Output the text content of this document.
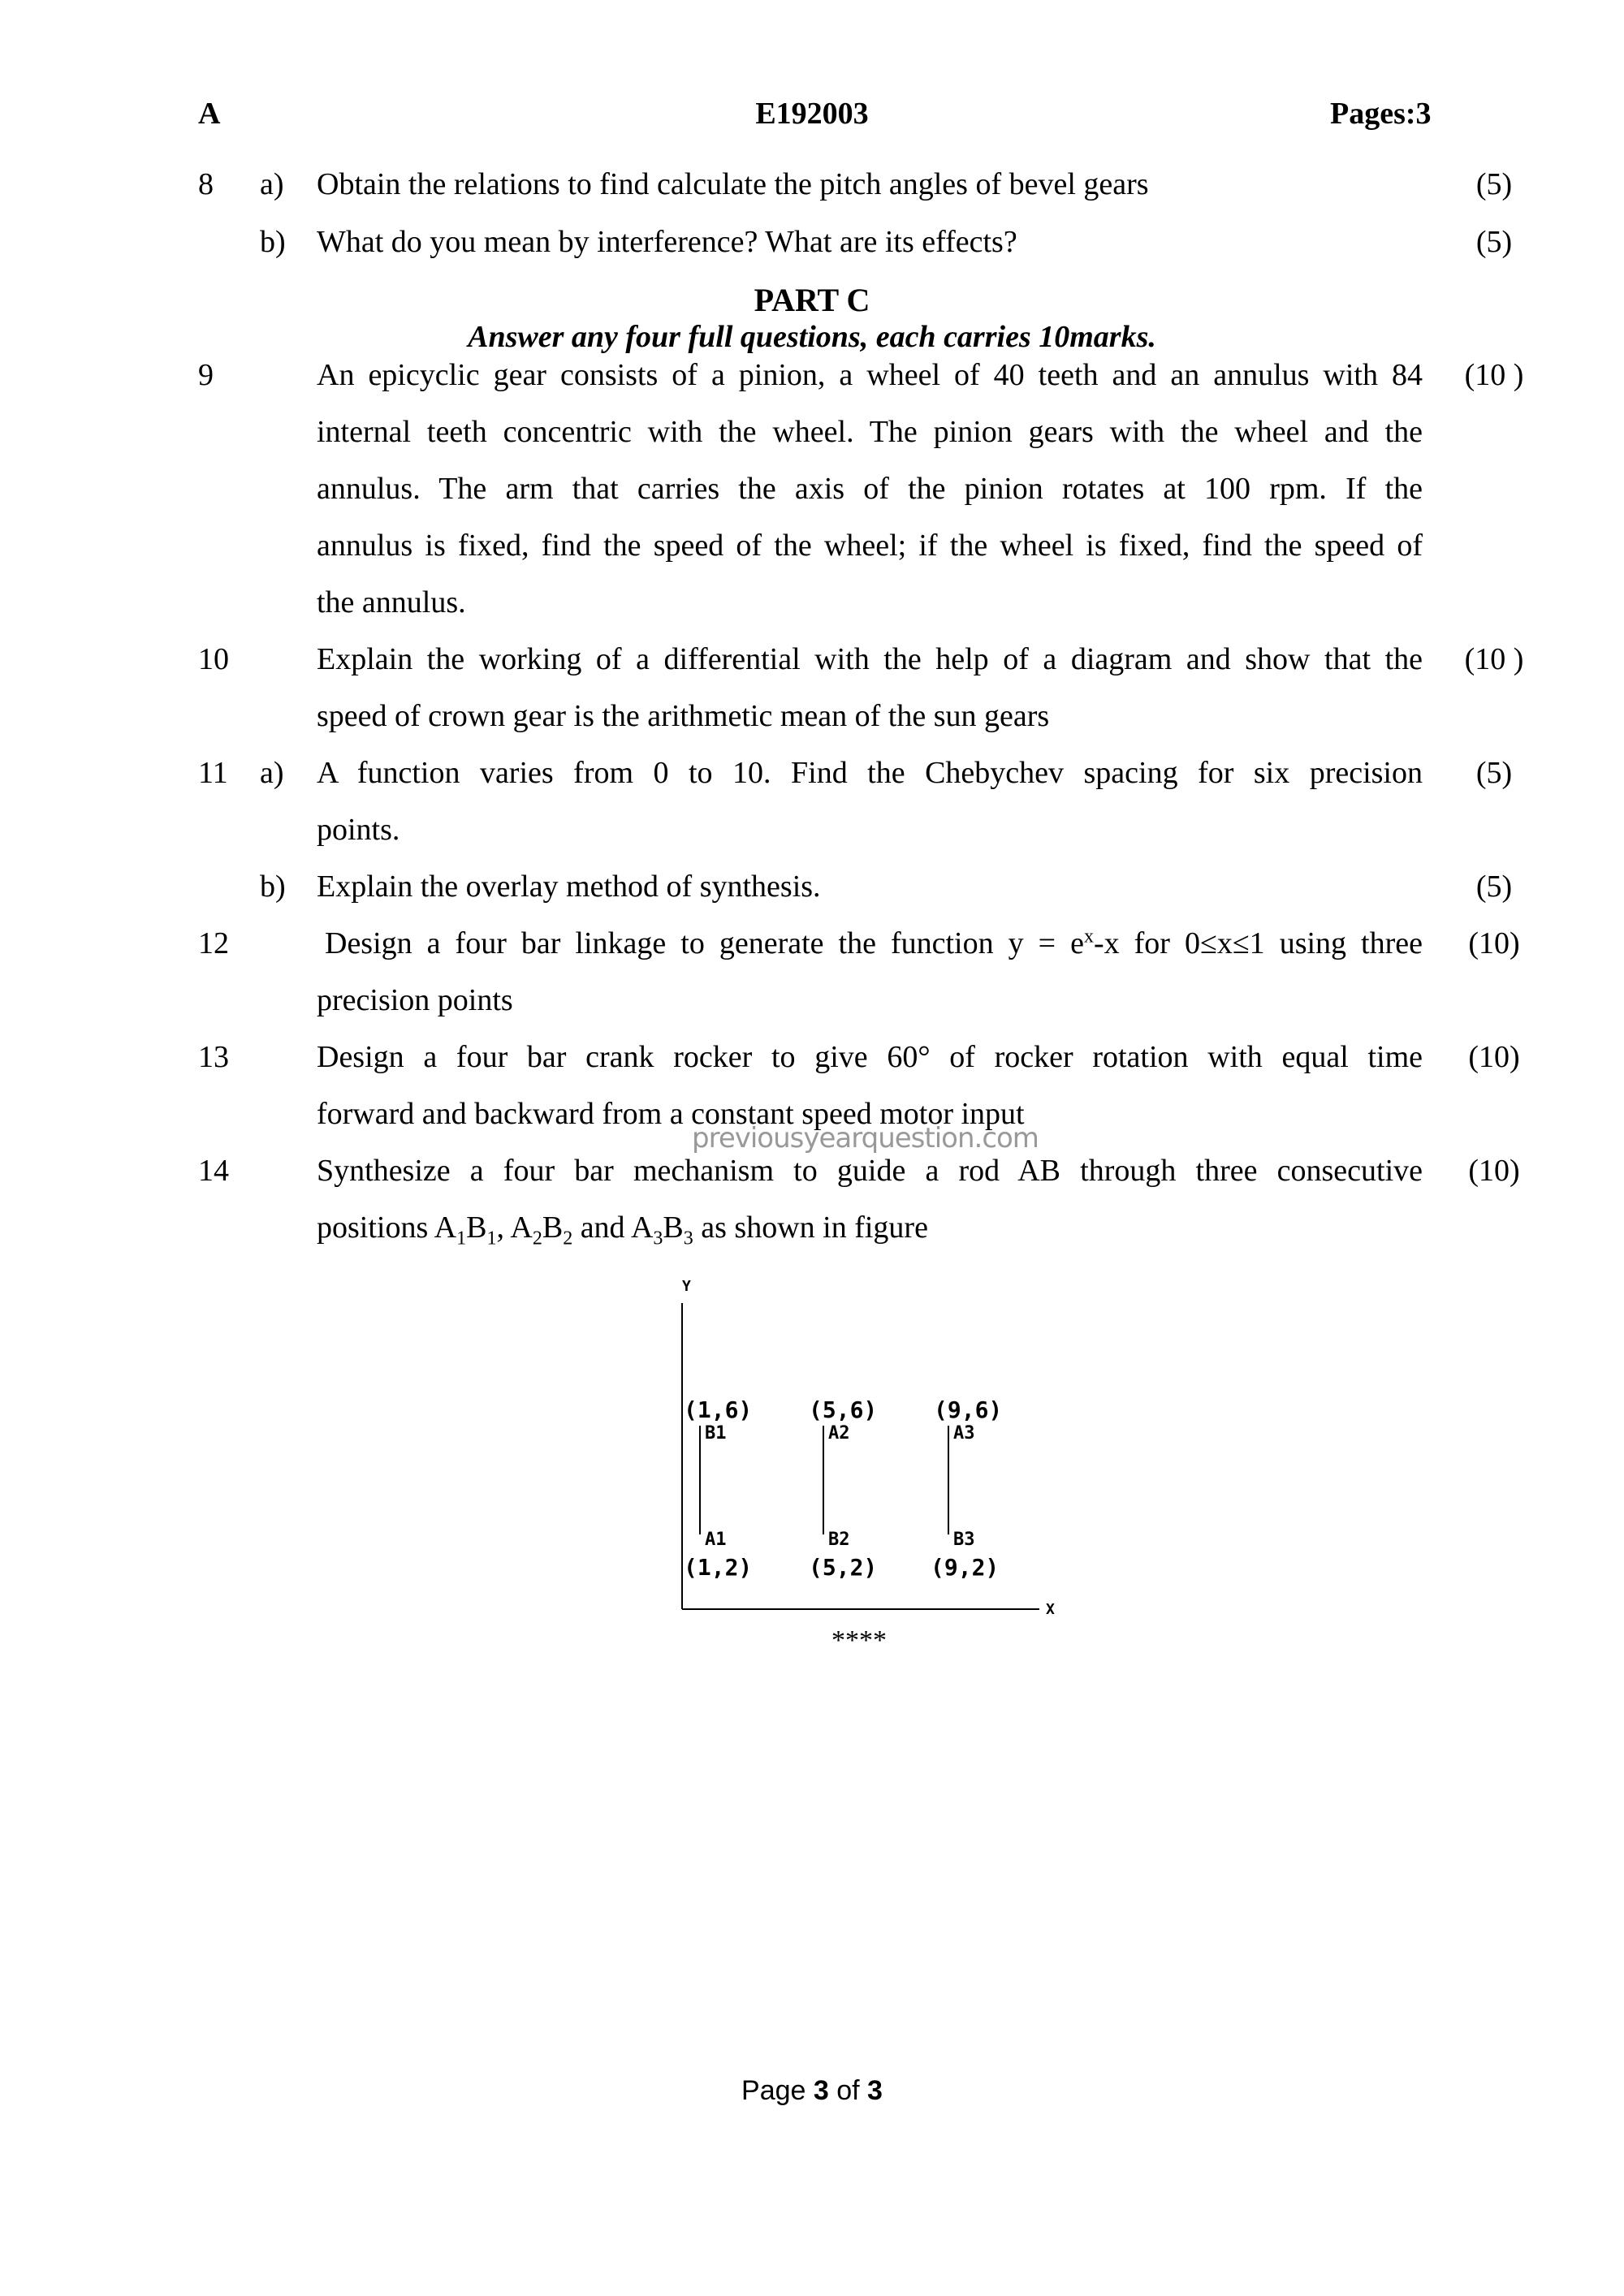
A	E192003	Pages:3
8 a) Obtain the relations to find calculate the pitch angles of bevel gears	(5)
b) What do you mean by interference? What are its effects?	(5)
PART C
Answer any four full questions, each carries 10marks.
9	An epicyclic gear consists of a pinion, a wheel of 40 teeth and an annulus with 84	(10 )
internal teeth concentric with the wheel. The pinion gears with the wheel and the
annulus. The arm that carries the axis of the pinion rotates at 100 rpm. If the
annulus is fixed, find the speed of the wheel; if the wheel is fixed, find the speed of
the annulus.
10	Explain the working of a differential with the help of a diagram and show that the	(10 )
speed of crown gear is the arithmetic mean of the sun gears
11 a) A function varies from 0 to 10. Find the Chebychev spacing for six precision	(5)
points.
b) Explain the overlay method of synthesis.	(5)
12	Design a four bar linkage to generate the function $y = e^x-x$ for 0≤x≤1 using three	(10)
precision points
13	Design a four bar crank rocker to give 60° of rocker rotation with equal time	(10)
forward and backward from a constant speed motor input
previousyearquestion.com
14	Synthesize a four bar mechanism to guide a rod AB through three consecutive	(10)
positions $A_1B_1$, $A_2B_2$ and $A_3B_3$ as shown in figure
Y
X
(1,6)
B1
A1
(1,2)
(5,6)
A2
B2
(5,2)
(9,6)
A3
B3
(9,2)
****
Page 3 of 3
